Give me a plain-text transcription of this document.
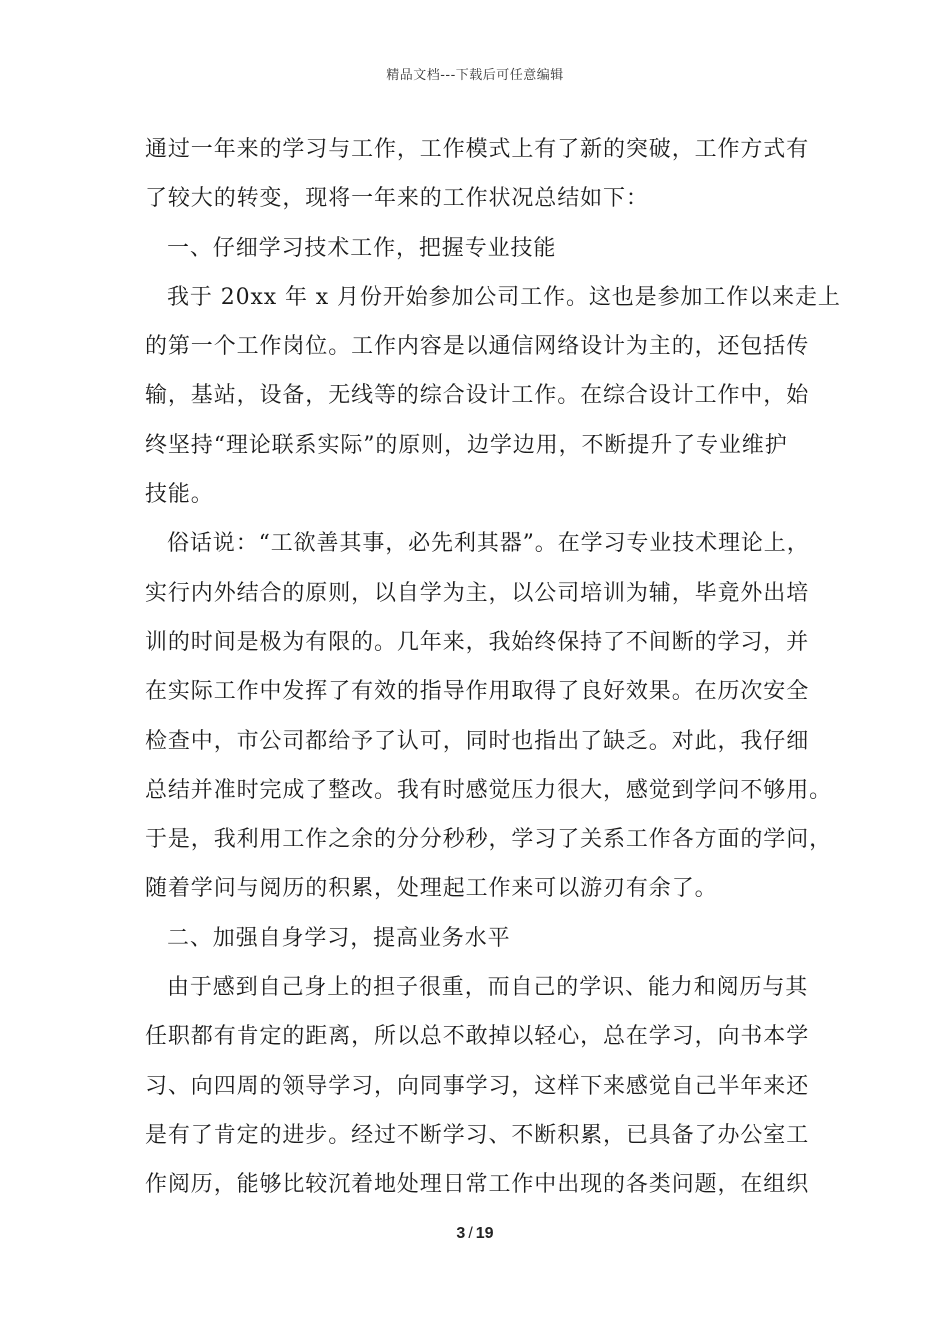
精品文档---下载后可任意编辑
通过一年来的学习与工作，工作模式上有了新的突破，工作方式有
了较大的转变，现将一年来的工作状况总结如下：
一、仔细学习技术工作，把握专业技能
我于 20xx 年 x 月份开始参加公司工作。这也是参加工作以来走上
的第一个工作岗位。工作内容是以通信网络设计为主的，还包括传
输，基站，设备，无线等的综合设计工作。在综合设计工作中，始
终坚持“理论联系实际”的原则，边学边用，不断提升了专业维护
技能。
俗话说：“工欲善其事，必先利其器”。在学习专业技术理论上，
实行内外结合的原则，以自学为主，以公司培训为辅，毕竟外出培
训的时间是极为有限的。几年来，我始终保持了不间断的学习，并
在实际工作中发挥了有效的指导作用取得了良好效果。在历次安全
检查中，市公司都给予了认可，同时也指出了缺乏。对此，我仔细
总结并准时完成了整改。我有时感觉压力很大，感觉到学问不够用。
于是，我利用工作之余的分分秒秒，学习了关系工作各方面的学问，
随着学问与阅历的积累，处理起工作来可以游刃有余了。
二、加强自身学习，提高业务水平
由于感到自己身上的担子很重，而自己的学识、能力和阅历与其
任职都有肯定的距离，所以总不敢掉以轻心，总在学习，向书本学
习、向四周的领导学习，向同事学习，这样下来感觉自己半年来还
是有了肯定的进步。经过不断学习、不断积累，已具备了办公室工
作阅历，能够比较沉着地处理日常工作中出现的各类问题，在组织
3 / 19
